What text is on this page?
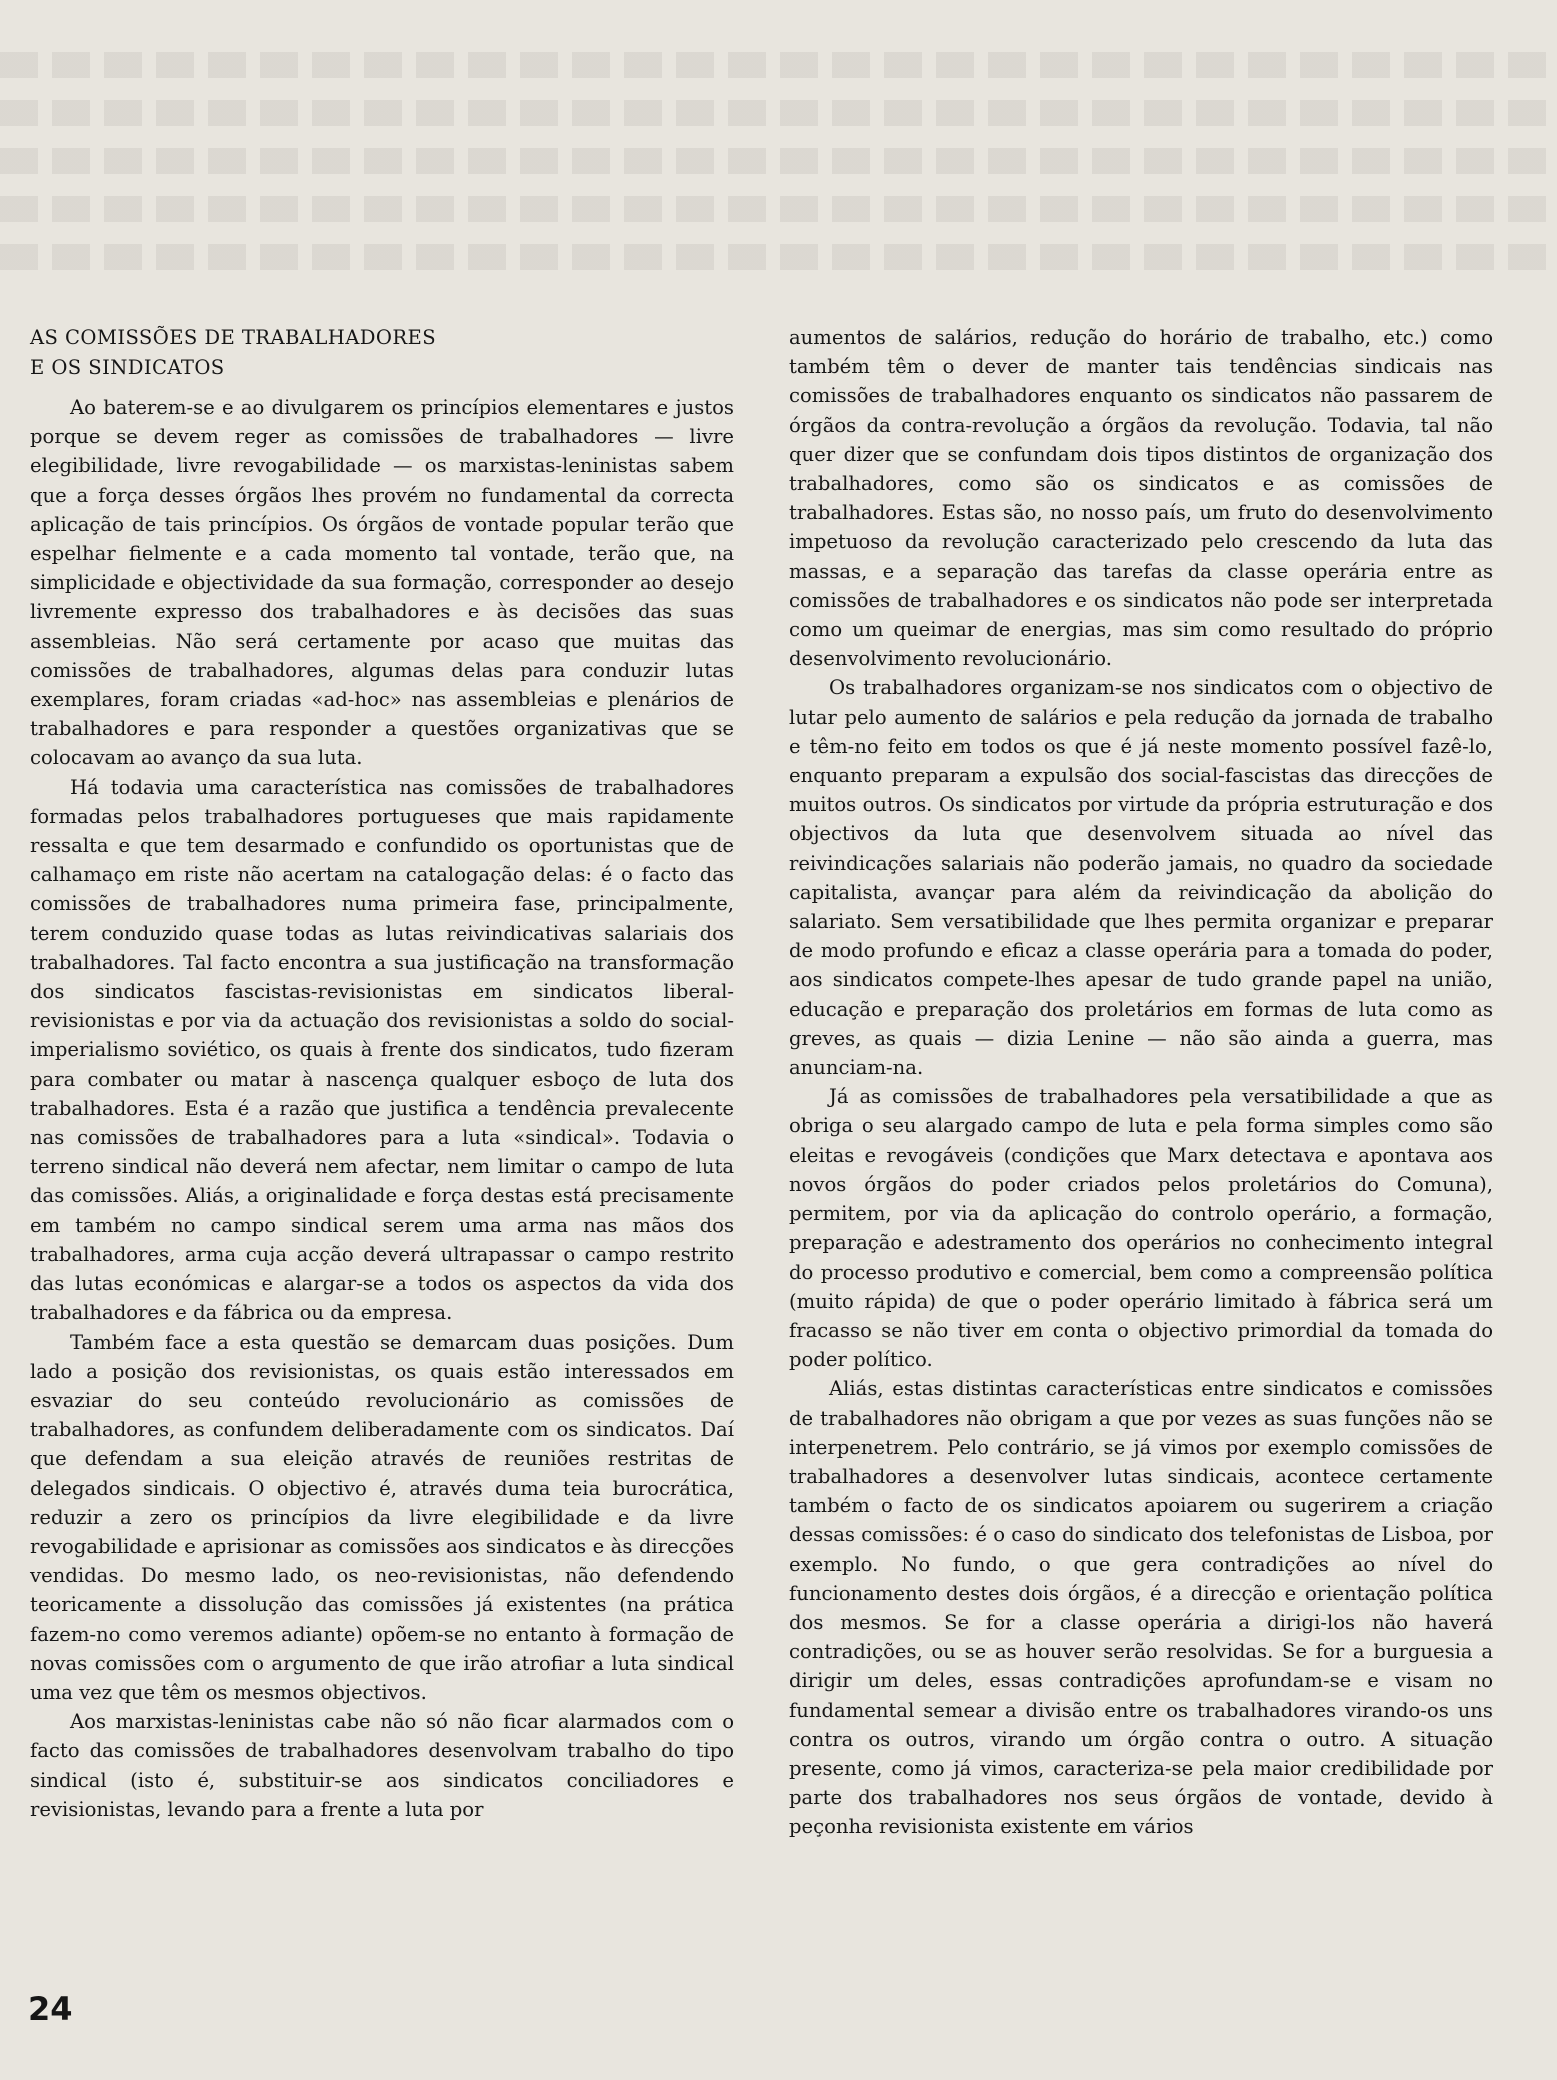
AS COMISSÕES DE TRABALHADORES
E OS SINDICATOS

Ao baterem-se e ao divulgarem os princípios elementares e justos porque se devem reger as comissões de trabalhadores — livre elegibilidade, livre revogabilidade — os marxistas-leninistas sabem que a força desses órgãos lhes provém no fundamental da correcta aplicação de tais princípios. Os órgãos de vontade popular terão que espelhar fielmente e a cada momento tal vontade, terão que, na simplicidade e objectividade da sua formação, corresponder ao desejo livremente expresso dos trabalhadores e às decisões das suas assembleias. Não será certamente por acaso que muitas das comissões de trabalhadores, algumas delas para conduzir lutas exemplares, foram criadas «ad-hoc» nas assembleias e plenários de trabalhadores e para responder a questões organizativas que se colocavam ao avanço da sua luta.

Há todavia uma característica nas comissões de trabalhadores formadas pelos trabalhadores portugueses que mais rapidamente ressalta e que tem desarmado e confundido os oportunistas que de calhamaço em riste não acertam na catalogação delas: é o facto das comissões de trabalhadores numa primeira fase, principalmente, terem conduzido quase todas as lutas reivindicativas salariais dos trabalhadores. Tal facto encontra a sua justificação na transformação dos sindicatos fascistas-revisionistas em sindicatos liberal-revisionistas e por via da actuação dos revisionistas a soldo do social-imperialismo soviético, os quais à frente dos sindicatos, tudo fizeram para combater ou matar à nascença qualquer esboço de luta dos trabalhadores. Esta é a razão que justifica a tendência prevalecente nas comissões de trabalhadores para a luta «sindical». Todavia o terreno sindical não deverá nem afectar, nem limitar o campo de luta das comissões. Aliás, a originalidade e força destas está precisamente em também no campo sindical serem uma arma nas mãos dos trabalhadores, arma cuja acção deverá ultrapassar o campo restrito das lutas económicas e alargar-se a todos os aspectos da vida dos trabalhadores e da fábrica ou da empresa.

Também face a esta questão se demarcam duas posições. Dum lado a posição dos revisionistas, os quais estão interessados em esvaziar do seu conteúdo revolucionário as comissões de trabalhadores, as confundem deliberadamente com os sindicatos. Daí que defendam a sua eleição através de reuniões restritas de delegados sindicais. O objectivo é, através duma teia burocrática, reduzir a zero os princípios da livre elegibilidade e da livre revogabilidade e aprisionar as comissões aos sindicatos e às direcções vendidas. Do mesmo lado, os neo-revisionistas, não defendendo teoricamente a dissolução das comissões já existentes (na prática fazem-no como veremos adiante) opõem-se no entanto à formação de novas comissões com o argumento de que irão atrofiar a luta sindical uma vez que têm os mesmos objectivos.

Aos marxistas-leninistas cabe não só não ficar alarmados com o facto das comissões de trabalhadores desenvolvam trabalho do tipo sindical (isto é, substituir-se aos sindicatos conciliadores e revisionistas, levando para a frente a luta por

aumentos de salários, redução do horário de trabalho, etc.) como também têm o dever de manter tais tendências sindicais nas comissões de trabalhadores enquanto os sindicatos não passarem de órgãos da contra-revolução a órgãos da revolução. Todavia, tal não quer dizer que se confundam dois tipos distintos de organização dos trabalhadores, como são os sindicatos e as comissões de trabalhadores. Estas são, no nosso país, um fruto do desenvolvimento impetuoso da revolução caracterizado pelo crescendo da luta das massas, e a separação das tarefas da classe operária entre as comissões de trabalhadores e os sindicatos não pode ser interpretada como um queimar de energias, mas sim como resultado do próprio desenvolvimento revolucionário.

Os trabalhadores organizam-se nos sindicatos com o objectivo de lutar pelo aumento de salários e pela redução da jornada de trabalho e têm-no feito em todos os que é já neste momento possível fazê-lo, enquanto preparam a expulsão dos social-fascistas das direcções de muitos outros. Os sindicatos por virtude da própria estruturação e dos objectivos da luta que desenvolvem situada ao nível das reivindicações salariais não poderão jamais, no quadro da sociedade capitalista, avançar para além da reivindicação da abolição do salariato. Sem versatibilidade que lhes permita organizar e preparar de modo profundo e eficaz a classe operária para a tomada do poder, aos sindicatos compete-lhes apesar de tudo grande papel na união, educação e preparação dos proletários em formas de luta como as greves, as quais — dizia Lenine — não são ainda a guerra, mas anunciam-na.

Já as comissões de trabalhadores pela versatibilidade a que as obriga o seu alargado campo de luta e pela forma simples como são eleitas e revogáveis (condições que Marx detectava e apontava aos novos órgãos do poder criados pelos proletários do Comuna), permitem, por via da aplicação do controlo operário, a formação, preparação e adestramento dos operários no conhecimento integral do processo produtivo e comercial, bem como a compreensão política (muito rápida) de que o poder operário limitado à fábrica será um fracasso se não tiver em conta o objectivo primordial da tomada do poder político.

Aliás, estas distintas características entre sindicatos e comissões de trabalhadores não obrigam a que por vezes as suas funções não se interpenetrem. Pelo contrário, se já vimos por exemplo comissões de trabalhadores a desenvolver lutas sindicais, acontece certamente também o facto de os sindicatos apoiarem ou sugerirem a criação dessas comissões: é o caso do sindicato dos telefonistas de Lisboa, por exemplo. No fundo, o que gera contradições ao nível do funcionamento destes dois órgãos, é a direcção e orientação política dos mesmos. Se for a classe operária a dirigi-los não haverá contradições, ou se as houver serão resolvidas. Se for a burguesia a dirigir um deles, essas contradições aprofundam-se e visam no fundamental semear a divisão entre os trabalhadores virando-os uns contra os outros, virando um órgão contra o outro. A situação presente, como já vimos, caracteriza-se pela maior credibilidade por parte dos trabalhadores nos seus órgãos de vontade, devido à peçonha revisionista existente em vários

24
